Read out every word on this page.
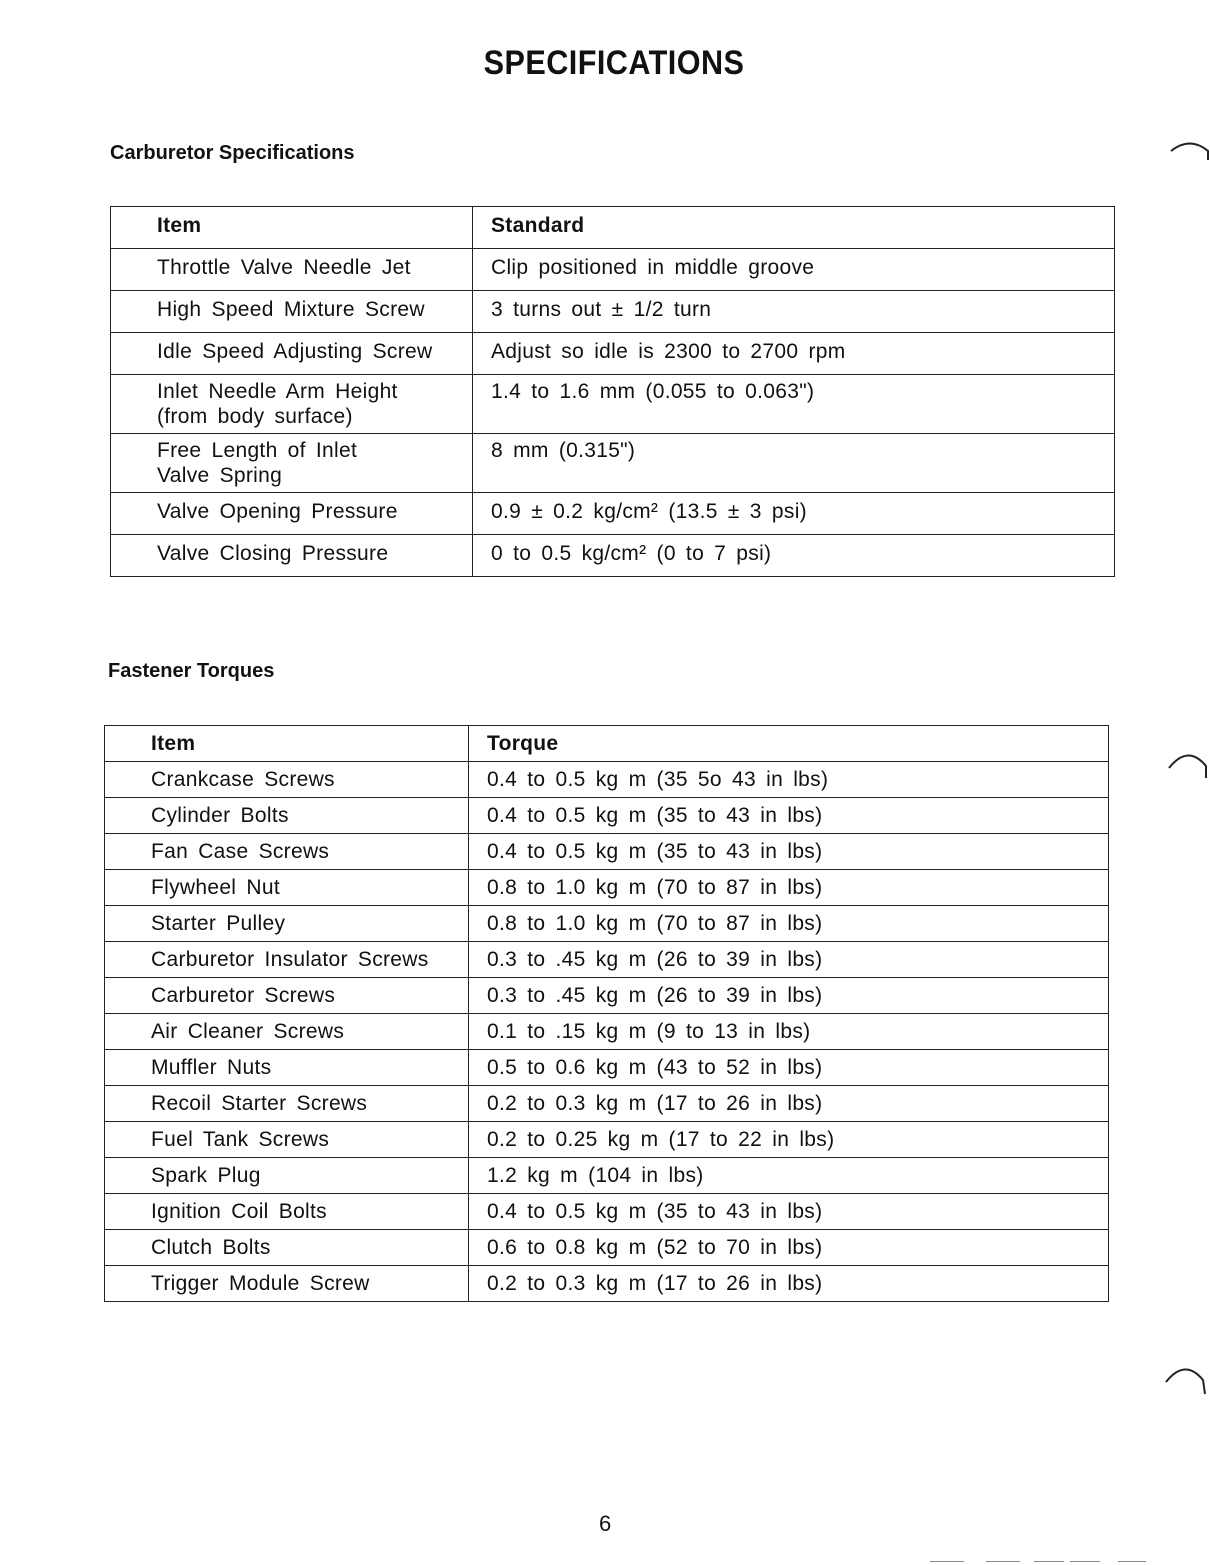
SPECIFICATIONS
Carburetor Specifications
Item	Standard
Throttle Valve Needle Jet	Clip positioned in middle groove
High Speed Mixture Screw	3 turns out ± 1/2 turn
Idle Speed Adjusting Screw	Adjust so idle is 2300 to 2700 rpm
Inlet Needle Arm Height
(from body surface)	1.4 to 1.6 mm (0.055 to 0.063")
Free Length of Inlet
Valve Spring	8 mm (0.315")
Valve Opening Pressure	0.9 ± 0.2 kg/cm² (13.5 ± 3 psi)
Valve Closing Pressure	0 to 0.5 kg/cm² (0 to 7 psi)
Fastener Torques
Item	Torque
Crankcase Screws	0.4 to 0.5 kg m (35 5o 43 in lbs)
Cylinder Bolts	0.4 to 0.5 kg m (35 to 43 in lbs)
Fan Case Screws	0.4 to 0.5 kg m (35 to 43 in lbs)
Flywheel Nut	0.8 to 1.0 kg m (70 to 87 in lbs)
Starter Pulley	0.8 to 1.0 kg m (70 to 87 in lbs)
Carburetor Insulator Screws	0.3 to .45 kg m (26 to 39 in lbs)
Carburetor Screws	0.3 to .45 kg m (26 to 39 in lbs)
Air Cleaner Screws	0.1 to .15 kg m (9 to 13 in lbs)
Muffler Nuts	0.5 to 0.6 kg m (43 to 52 in lbs)
Recoil Starter Screws	0.2 to 0.3 kg m (17 to 26 in lbs)
Fuel Tank Screws	0.2 to 0.25 kg m (17 to 22 in lbs)
Spark Plug	1.2 kg m (104 in lbs)
Ignition Coil Bolts	0.4 to 0.5 kg m (35 to 43 in lbs)
Clutch Bolts	0.6 to 0.8 kg m (52 to 70 in lbs)
Trigger Module Screw	0.2 to 0.3 kg m (17 to 26 in lbs)
6
